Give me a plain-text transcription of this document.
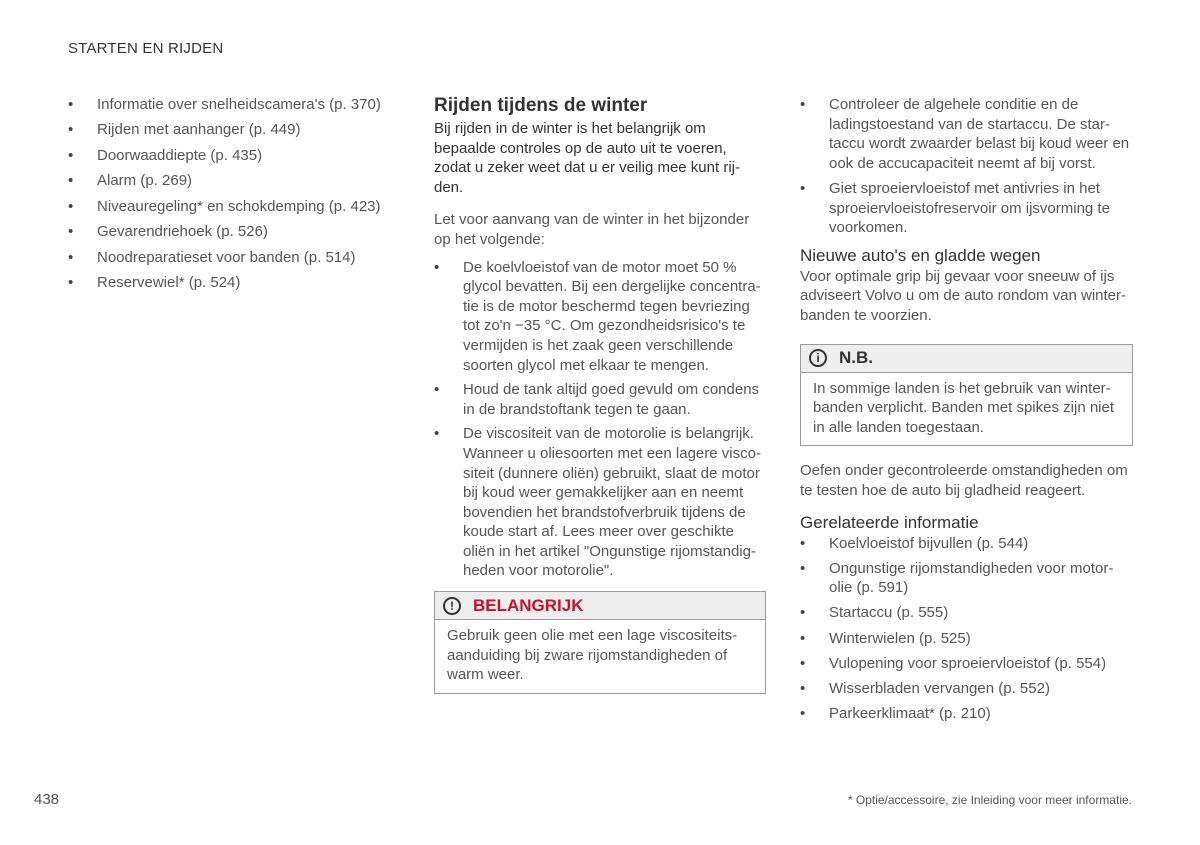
STARTEN EN RIJDEN
• Informatie over snelheidscamera's (p. 370)
• Rijden met aanhanger (p. 449)
• Doorwaaddiepte (p. 435)
• Alarm (p. 269)
• Niveauregeling* en schokdemping (p. 423)
• Gevarendriehoek (p. 526)
• Noodreparatieset voor banden (p. 514)
• Reservewiel* (p. 524)
Rijden tijdens de winter

Bij rijden in de winter is het belangrijk om bepaalde controles op de auto uit te voeren, zodat u zeker weet dat u er veilig mee kunt rij-den.

Let voor aanvang van de winter in het bijzonder op het volgende:

• De koelvloeistof van de motor moet 50 % glycol bevatten. Bij een dergelijke concentra-tie is de motor beschermd tegen bevriezing tot zo'n −35 °C. Om gezondheidsrisico's te vermijden is het zaak geen verschillende soorten glycol met elkaar te mengen.
• Houd de tank altijd goed gevuld om condens in de brandstoftank tegen te gaan.
• De viscositeit van de motorolie is belangrijk. Wanneer u oliesoorten met een lagere visco-siteit (dunnere oliën) gebruikt, slaat de motor bij koud weer gemakkelijker aan en neemt bovendien het brandstofverbruik tijdens de koude start af. Lees meer over geschikte oliën in het artikel "Ongunstige rijomstandig-heden voor motorolie".
!	BELANGRIJK
Gebruik geen olie met een lage viscositeits-aanduiding bij zware rijomstandigheden of warm weer.
• Controleer de algehele conditie en de ladingstoestand van de startaccu. De star-taccu wordt zwaarder belast bij koud weer en ook de accucapaciteit neemt af bij vorst.
• Giet sproeiervloeistof met antivries in het sproeiervloeistofreservoir om ijsvorming te voorkomen.
Nieuwe auto's en gladde wegen

Voor optimale grip bij gevaar voor sneeuw of ijs adviseert Volvo u om de auto rondom van winter-banden te voorzien.

i	N.B.
In sommige landen is het gebruik van winter-banden verplicht. Banden met spikes zijn niet in alle landen toegestaan.

Oefen onder gecontroleerde omstandigheden om te testen hoe de auto bij gladheid reageert.

Gerelateerde informatie
• Koelvloeistof bijvullen (p. 544)
• Ongunstige rijomstandigheden voor motor-olie (p. 591)
• Startaccu (p. 555)
• Winterwielen (p. 525)
• Vulopening voor sproeiervloeistof (p. 554)
• Wisserbladen vervangen (p. 552)
• Parkeerklimaat* (p. 210)
438	* Optie/accessoire, zie Inleiding voor meer informatie.
